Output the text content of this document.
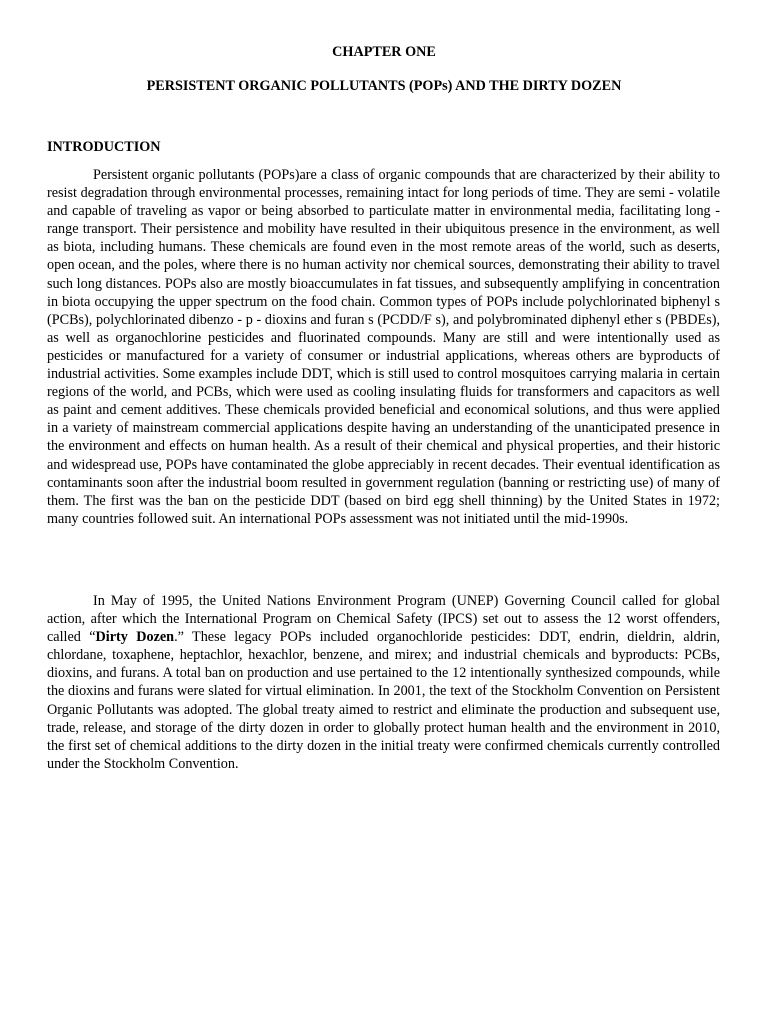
CHAPTER ONE
PERSISTENT ORGANIC POLLUTANTS (POPs) AND THE DIRTY DOZEN
INTRODUCTION

Persistent organic pollutants (POPs)are a class of organic compounds that are characterized by their ability to resist degradation through environmental processes, remaining intact for long periods of time. They are semi - volatile and capable of traveling as vapor or being absorbed to particulate matter in environmental media, facilitating long - range transport. Their persistence and mobility have resulted in their ubiquitous presence in the environment, as well as biota, including humans. These chemicals are found even in the most remote areas of the world, such as deserts, open ocean, and the poles, where there is no human activity nor chemical sources, demonstrating their ability to travel such long distances. POPs also are mostly bioaccumulates in fat tissues, and subsequently amplifying in concentration in biota occupying the upper spectrum on the food chain. Common types of POPs include polychlorinated biphenyl s (PCBs), polychlorinated dibenzo - p - dioxins and furan s (PCDD/F s), and polybrominated diphenyl ether s (PBDEs), as well as organochlorine pesticides and fluorinated compounds. Many are still and were intentionally used as pesticides or manufactured for a variety of consumer or industrial applications, whereas others are byproducts of industrial activities. Some examples include DDT, which is still used to control mosquitoes carrying malaria in certain regions of the world, and PCBs, which were used as cooling insulating fluids for transformers and capacitors as well as paint and cement additives. These chemicals provided beneficial and economical solutions, and thus were applied in a variety of mainstream commercial applications despite having an understanding of the unanticipated presence in the environment and effects on human health. As a result of their chemical and physical properties, and their historic and widespread use, POPs have contaminated the globe appreciably in recent decades. Their eventual identification as contaminants soon after the industrial boom resulted in government regulation (banning or restricting use) of many of them. The first was the ban on the pesticide DDT (based on bird egg shell thinning) by the United States in 1972; many countries followed suit. An international POPs assessment was not initiated until the mid-1990s.

In May of 1995, the United Nations Environment Program (UNEP) Governing Council called for global action, after which the International Program on Chemical Safety (IPCS) set out to assess the 12 worst offenders, called “Dirty Dozen.” These legacy POPs included organochloride pesticides: DDT, endrin, dieldrin, aldrin, chlordane, toxaphene, heptachlor, hexachlor, benzene, and mirex; and industrial chemicals and byproducts: PCBs, dioxins, and furans. A total ban on production and use pertained to the 12 intentionally synthesized compounds, while the dioxins and furans were slated for virtual elimination. In 2001, the text of the Stockholm Convention on Persistent Organic Pollutants was adopted. The global treaty aimed to restrict and eliminate the production and subsequent use, trade, release, and storage of the dirty dozen in order to globally protect human health and the environment in 2010, the first set of chemical additions to the dirty dozen in the initial treaty were confirmed chemicals currently controlled under the Stockholm Convention.
